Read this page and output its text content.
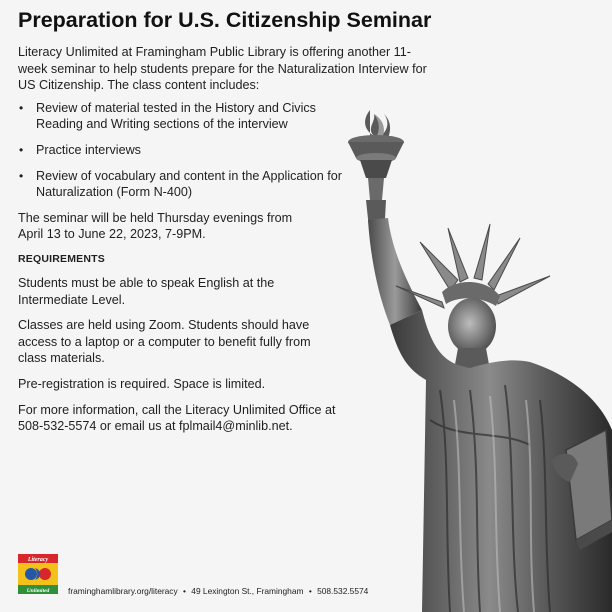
Preparation for U.S. Citizenship Seminar

Literacy Unlimited at Framingham Public Library is offering another 11-week seminar to help students prepare for the Naturalization Interview for US Citizenship. The class content includes:

• Review of material tested in the History and Civics Reading and Writing sections of the interview
• Practice interviews
• Review of vocabulary and content in the Application for Naturalization (Form N-400)

The seminar will be held Thursday evenings from April 13 to June 22, 2023, 7-9PM.

REQUIREMENTS

Students must be able to speak English at the Intermediate Level.

Classes are held using Zoom. Students should have access to a laptop or a computer to benefit fully from class materials.

Pre-registration is required. Space is limited.

For more information, call the Literacy Unlimited Office at 508-532-5574 or email us at fplmail4@minlib.net.

Literacy
Unlimited framinghamlibrary.org/literacy • 49 Lexington St., Framingham • 508.532.5574
